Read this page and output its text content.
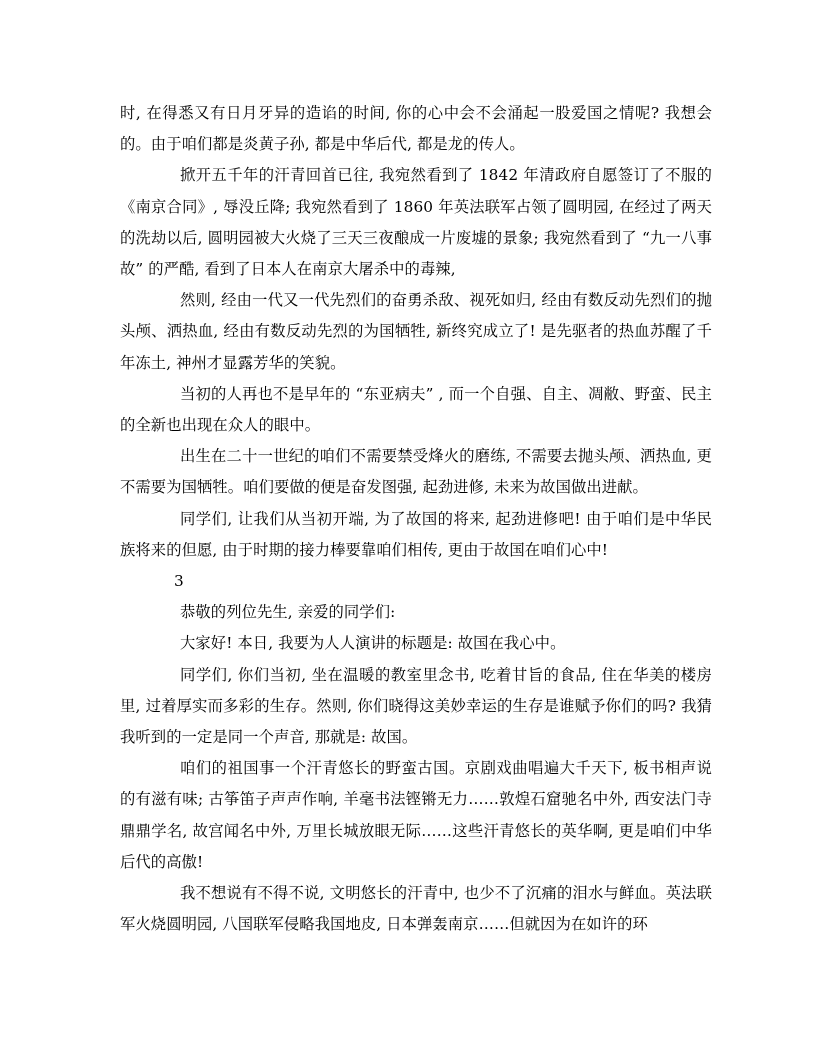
时, 在得悉又有日月牙异的造谄的时间, 你的心中会不会涌起一股爱国之情呢? 我想会的。由于咱们都是炎黄子孙, 都是中华后代, 都是龙的传人。

掀开五千年的汗青回首已往, 我宛然看到了 1842 年清政府自愿签订了不服的《南京合同》, 辱没丘降; 我宛然看到了 1860 年英法联军占领了圆明园, 在经过了两天的洗劫以后, 圆明园被大火烧了三天三夜酿成一片废墟的景象; 我宛然看到了 “九一八事故” 的严酷, 看到了日本人在南京大屠杀中的毒辣,

然则, 经由一代又一代先烈们的奋勇杀敌、视死如归, 经由有数反动先烈们的抛头颅、洒热血, 经由有数反动先烈的为国牺牲, 新终究成立了! 是先驱者的热血苏醒了千年冻土, 神州才显露芳华的笑貌。

当初的人再也不是早年的 “东亚病夫” , 而一个自强、自主、凋敝、野蛮、民主的全新也出现在众人的眼中。

出生在二十一世纪的咱们不需要禁受烽火的磨练, 不需要去抛头颅、洒热血, 更不需要为国牺牲。咱们要做的便是奋发图强, 起劲进修, 未来为故国做出进献。

同学们, 让我们从当初开端, 为了故国的将来, 起劲进修吧! 由于咱们是中华民族将来的但愿, 由于时期的接力棒要靠咱们相传, 更由于故国在咱们心中!

3

恭敬的列位先生, 亲爱的同学们:

大家好! 本日, 我要为人人演讲的标题是: 故国在我心中。

同学们, 你们当初, 坐在温暖的教室里念书, 吃着甘旨的食品, 住在华美的楼房里, 过着厚实而多彩的生存。然则, 你们晓得这美妙幸运的生存是谁赋予你们的吗? 我猜我听到的一定是同一个声音, 那就是: 故国。

咱们的祖国事一个汗青悠长的野蛮古国。京剧戏曲唱遍大千天下, 板书相声说的有滋有味; 古筝笛子声声作响, 羊毫书法铿锵无力……敦煌石窟驰名中外, 西安法门寺鼎鼎学名, 故宫闻名中外, 万里长城放眼无际……这些汗青悠长的英华啊, 更是咱们中华后代的高傲!

我不想说有不得不说, 文明悠长的汗青中, 也少不了沉痛的泪水与鲜血。英法联军火烧圆明园, 八国联军侵略我国地皮, 日本弹轰南京……但就因为在如许的环
